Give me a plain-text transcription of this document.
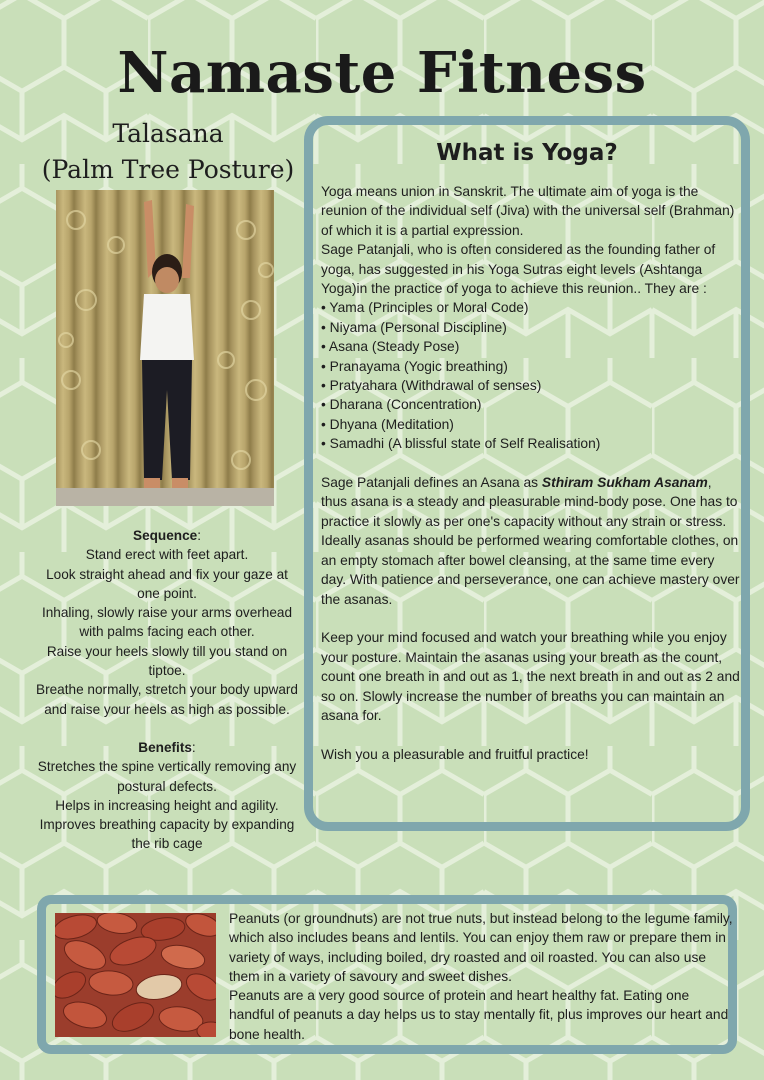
Namaste Fitness
Talasana
(Palm Tree Posture)

Sequence:

Stand erect with feet apart.

Look straight ahead and fix your gaze at one point.

Inhaling, slowly raise your arms overhead with palms facing each other.

Raise your heels slowly till you stand on tiptoe.

Breathe normally, stretch your body upward and raise your heels as high as possible.

Benefits:

Stretches the spine vertically removing any postural defects.

Helps in increasing height and agility.

Improves breathing capacity by expanding the rib cage

What is Yoga?

Yoga means union in Sanskrit. The ultimate aim of yoga is the reunion of the individual self (Jiva) with the universal self (Brahman) of which it is a partial expression.

Sage Patanjali, who is often considered as the founding father of yoga, has suggested in his Yoga Sutras eight levels (Ashtanga Yoga)in the practice of yoga to achieve this reunion.. They are :

• Yama (Principles or Moral Code)
• Niyama (Personal Discipline)
• Asana (Steady Pose)
• Pranayama (Yogic breathing)
• Pratyahara (Withdrawal of senses)
• Dharana (Concentration)
• Dhyana (Meditation)
• Samadhi (A blissful state of Self Realisation)

Sage Patanjali defines an Asana as Sthiram Sukham Asanam, thus asana is a steady and pleasurable mind-body pose. One has to practice it slowly as per one's capacity without any strain or stress.

Ideally asanas should be performed wearing comfortable clothes, on an empty stomach after bowel cleansing, at the same time every day. With patience and perseverance, one can achieve mastery over the asanas.

Keep your mind focused and watch your breathing while you enjoy your posture. Maintain the asanas using your breath as the count, count one breath in and out as 1, the next breath in and out as 2 and so on. Slowly increase the number of breaths you can maintain an asana for.

Wish you a pleasurable and fruitful practice!

Peanuts (or groundnuts) are not true nuts, but instead belong to the legume family, which also includes beans and lentils. You can enjoy them raw or prepare them in variety of ways, including boiled, dry roasted and oil roasted. You can also use them in a variety of savoury and sweet dishes.

Peanuts are a very good source of protein and heart healthy fat. Eating one handful of peanuts a day helps us to stay mentally fit, plus improves our heart and bone health.
